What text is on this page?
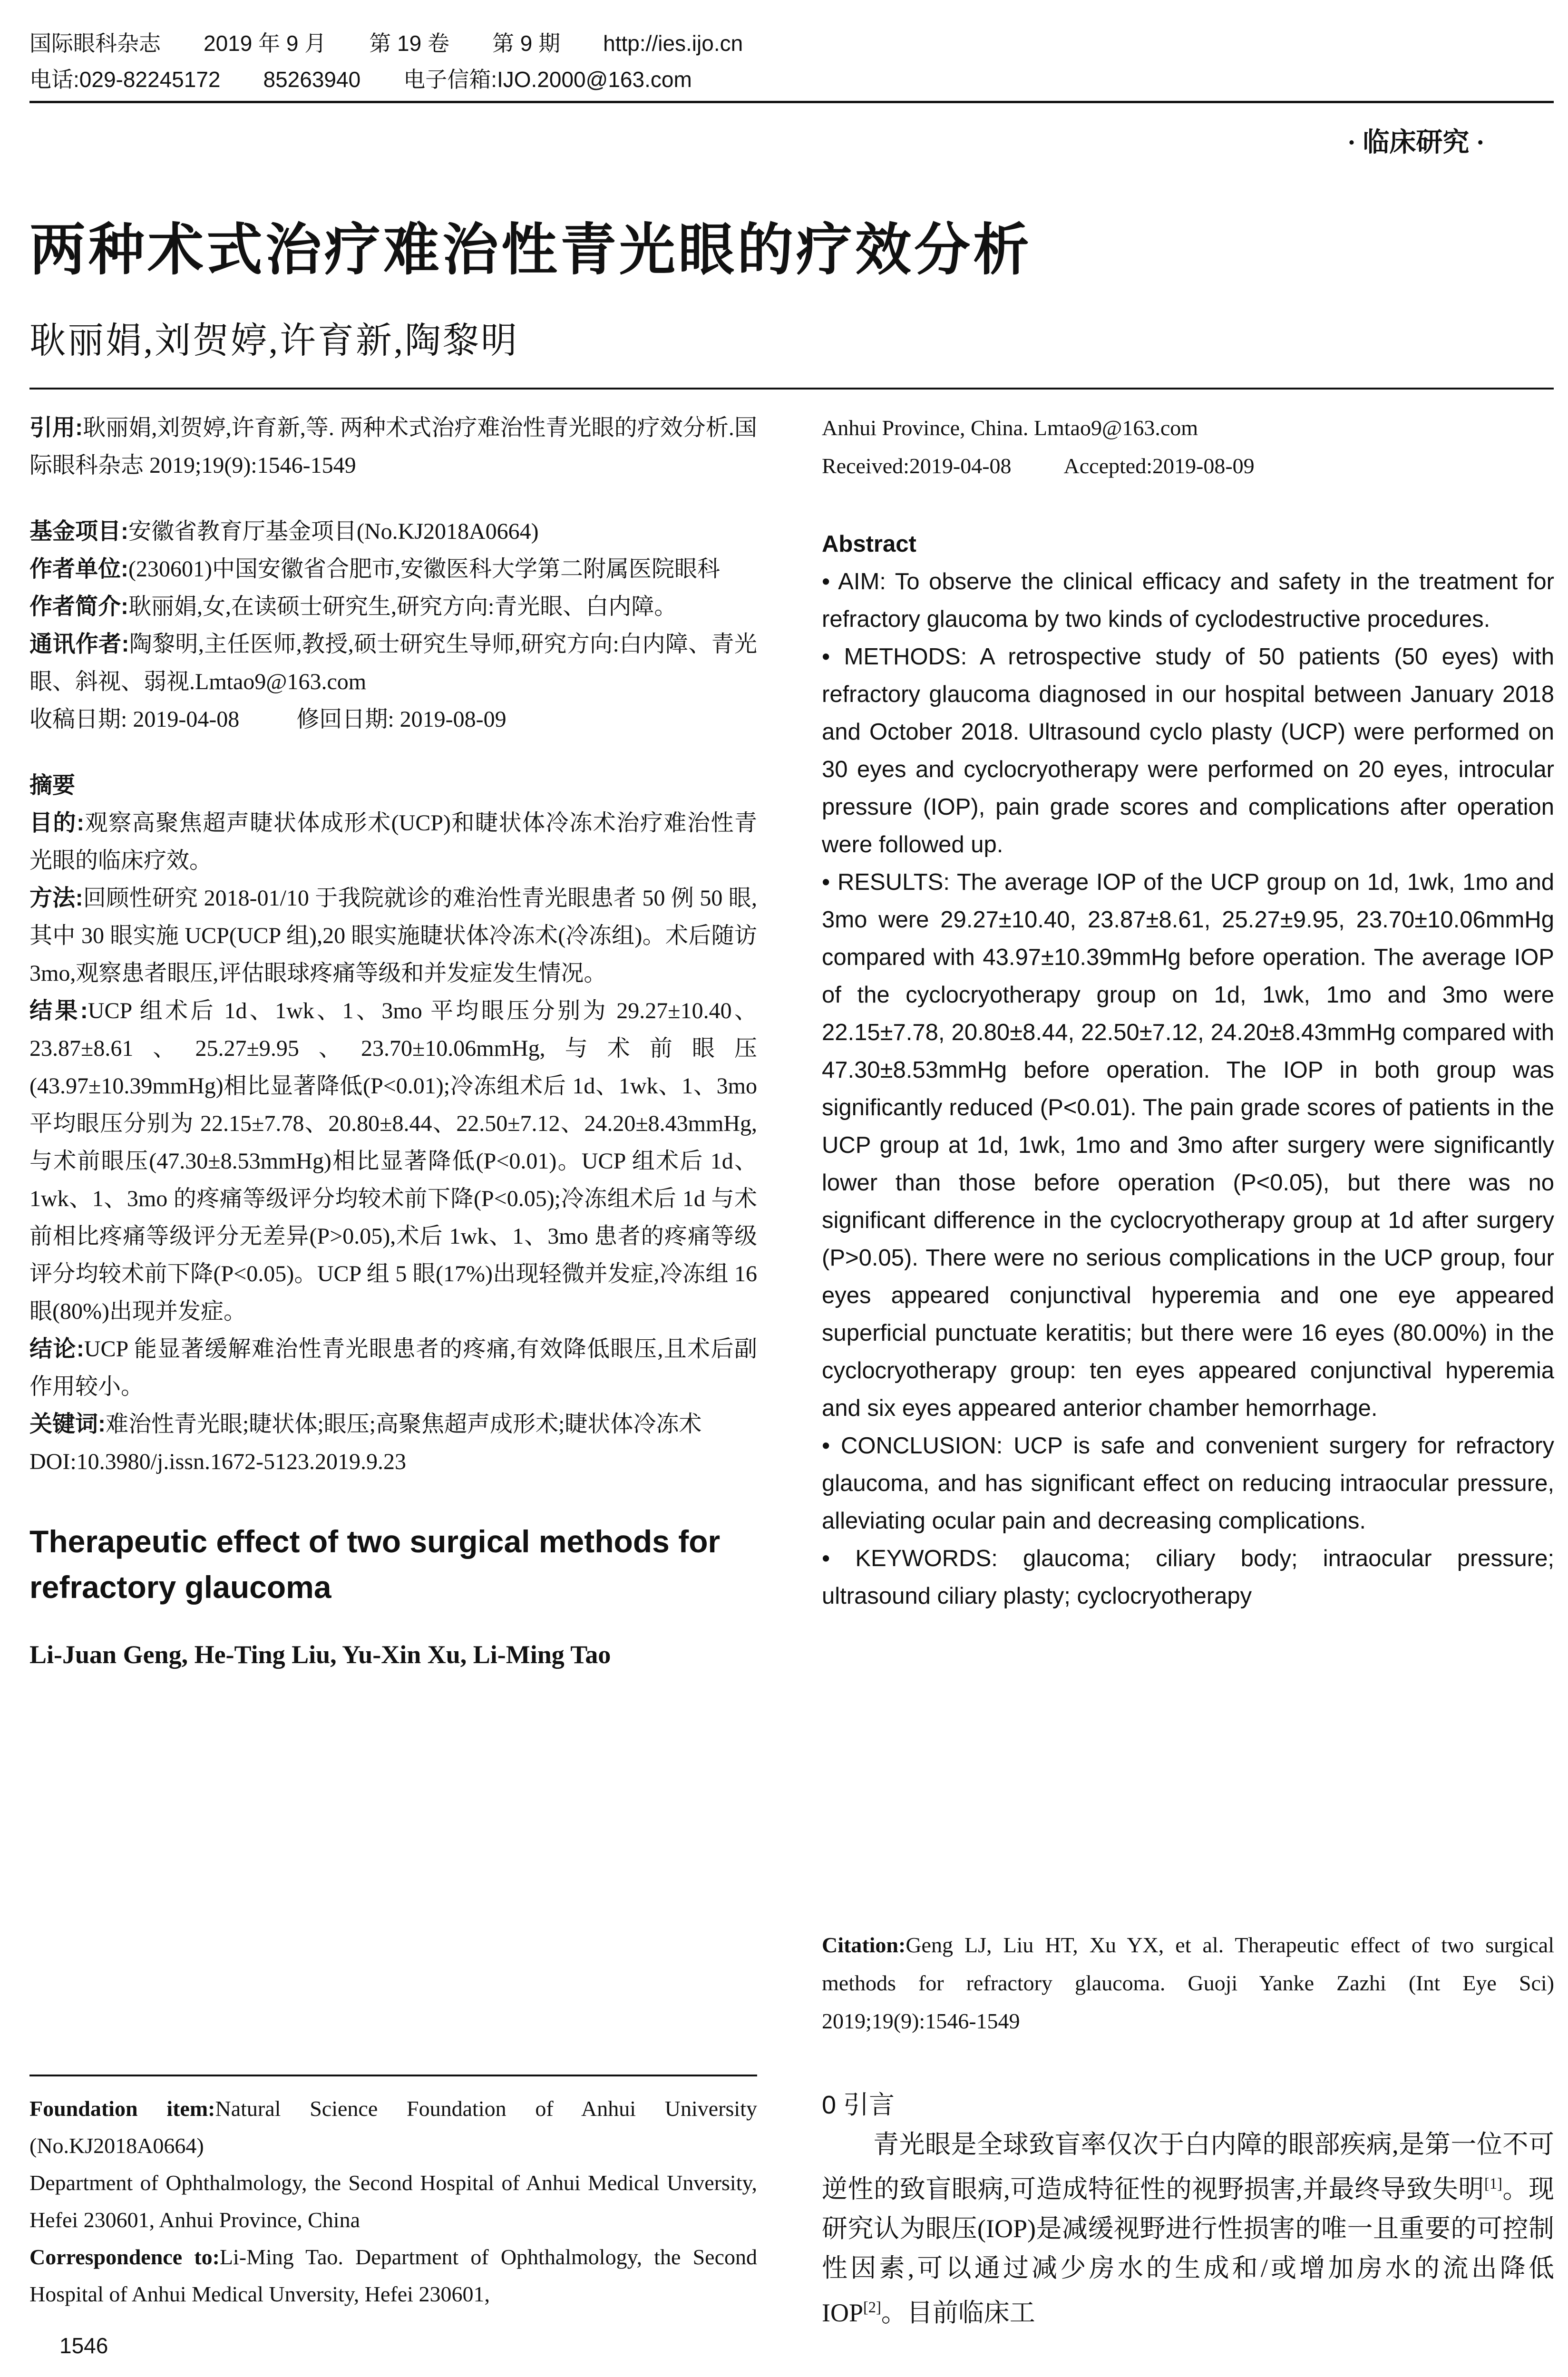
国际眼科杂志 2019 年 9 月 第 19 卷 第 9 期 http://ies.ijo.cn
电话:029-82245172 85263940 电子信箱:IJO.2000@163.com
· 临床研究 ·
两种术式治疗难治性青光眼的疗效分析
耿丽娟,刘贺婷,许育新,陶黎明

引用:耿丽娟,刘贺婷,许育新,等. 两种术式治疗难治性青光眼的疗效分析.国际眼科杂志 2019;19(9):1546-1549

基金项目:安徽省教育厅基金项目(No.KJ2018A0664)

作者单位:(230601)中国安徽省合肥市,安徽医科大学第二附属医院眼科

作者简介:耿丽娟,女,在读硕士研究生,研究方向:青光眼、白内障。

通讯作者:陶黎明,主任医师,教授,硕士研究生导师,研究方向:白内障、青光眼、斜视、弱视.Lmtao9@163.com

收稿日期: 2019-04-08	修回日期: 2019-08-09

摘要

目的:观察高聚焦超声睫状体成形术(UCP)和睫状体冷冻术治疗难治性青光眼的临床疗效。

方法:回顾性研究 2018-01/10 于我院就诊的难治性青光眼患者 50 例 50 眼,其中 30 眼实施 UCP(UCP 组),20 眼实施睫状体冷冻术(冷冻组)。术后随访 3mo,观察患者眼压,评估眼球疼痛等级和并发症发生情况。

结果:UCP 组术后 1d、1wk、1、3mo 平均眼压分别为 29.27±10.40、23.87±8.61、25.27±9.95、23.70±10.06mmHg,与术前眼压(43.97±10.39mmHg)相比显著降低(P<0.01);冷冻组术后 1d、1wk、1、3mo 平均眼压分别为 22.15±7.78、20.80±8.44、22.50±7.12、24.20±8.43mmHg,与术前眼压(47.30±8.53mmHg)相比显著降低(P<0.01)。UCP 组术后 1d、1wk、1、3mo 的疼痛等级评分均较术前下降(P<0.05);冷冻组术后 1d 与术前相比疼痛等级评分无差异(P>0.05),术后 1wk、1、3mo 患者的疼痛等级评分均较术前下降(P<0.05)。UCP 组 5 眼(17%)出现轻微并发症,冷冻组 16 眼(80%)出现并发症。

结论:UCP 能显著缓解难治性青光眼患者的疼痛,有效降低眼压,且术后副作用较小。

关键词:难治性青光眼;睫状体;眼压;高聚焦超声成形术;睫状体冷冻术

DOI:10.3980/j.issn.1672-5123.2019.9.23

Therapeutic effect of two surgical methods for refractory glaucoma

Li-Juan Geng, He-Ting Liu, Yu-Xin Xu, Li-Ming Tao

Foundation item:Natural Science Foundation of Anhui University (No.KJ2018A0664)

Department of Ophthalmology, the Second Hospital of Anhui Medical Unversity, Hefei 230601, Anhui Province, China

Correspondence to:Li-Ming Tao. Department of Ophthalmology, the Second Hospital of Anhui Medical Unversity, Hefei 230601,

1546

Anhui Province, China. Lmtao9@163.com

Received:2019-04-08 Accepted:2019-08-09

Abstract

• AIM: To observe the clinical efficacy and safety in the treatment for refractory glaucoma by two kinds of cyclodestructive procedures.

• METHODS: A retrospective study of 50 patients (50 eyes) with refractory glaucoma diagnosed in our hospital between January 2018 and October 2018. Ultrasound cyclo plasty (UCP) were performed on 30 eyes and cyclocryotherapy were performed on 20 eyes, introcular pressure (IOP), pain grade scores and complications after operation were followed up.

• RESULTS: The average IOP of the UCP group on 1d, 1wk, 1mo and 3mo were 29.27±10.40, 23.87±8.61, 25.27±9.95, 23.70±10.06mmHg compared with 43.97±10.39mmHg before operation. The average IOP of the cyclocryotherapy group on 1d, 1wk, 1mo and 3mo were 22.15±7.78, 20.80±8.44, 22.50±7.12, 24.20±8.43mmHg compared with 47.30±8.53mmHg before operation. The IOP in both group was significantly reduced (P<0.01). The pain grade scores of patients in the UCP group at 1d, 1wk, 1mo and 3mo after surgery were significantly lower than those before operation (P<0.05), but there was no significant difference in the cyclocryotherapy group at 1d after surgery (P>0.05). There were no serious complications in the UCP group, four eyes appeared conjunctival hyperemia and one eye appeared superficial punctuate keratitis; but there were 16 eyes (80.00%) in the cyclocryotherapy group: ten eyes appeared conjunctival hyperemia and six eyes appeared anterior chamber hemorrhage.

• CONCLUSION: UCP is safe and convenient surgery for refractory glaucoma, and has significant effect on reducing intraocular pressure, alleviating ocular pain and decreasing complications.

• KEYWORDS: glaucoma; ciliary body; intraocular pressure; ultrasound ciliary plasty; cyclocryotherapy

Citation:Geng LJ, Liu HT, Xu YX, et al. Therapeutic effect of two surgical methods for refractory glaucoma. Guoji Yanke Zazhi (Int Eye Sci) 2019;19(9):1546-1549

0 引言

青光眼是全球致盲率仅次于白内障的眼部疾病,是第一位不可逆性的致盲眼病,可造成特征性的视野损害,并最终导致失明[1]。现研究认为眼压(IOP)是减缓视野进行性损害的唯一且重要的可控制性因素,可以通过减少房水的生成和/或增加房水的流出降低 IOP[2]。目前临床工
